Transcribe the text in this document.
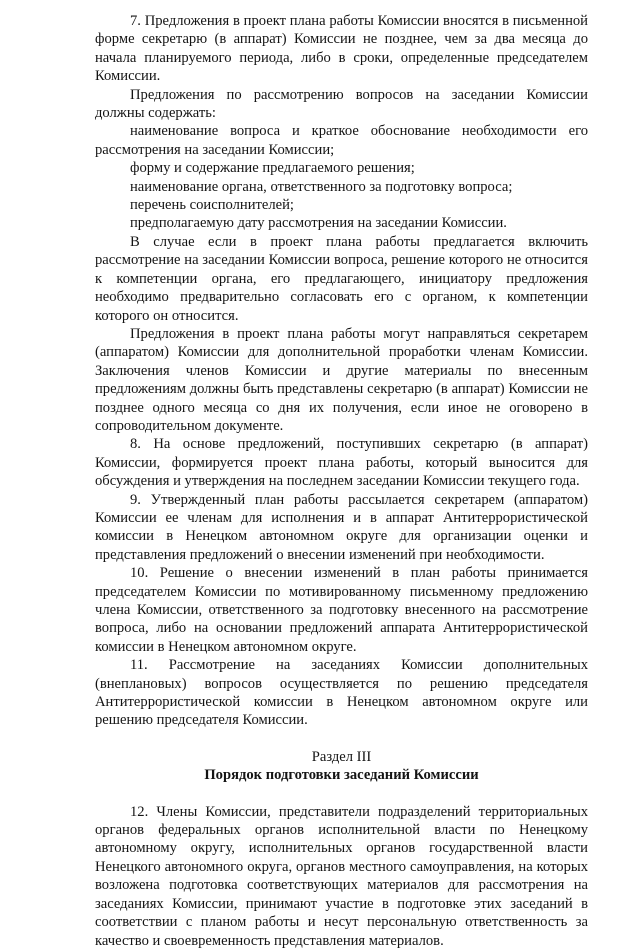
7. Предложения в проект плана работы Комиссии вносятся в письменной форме секретарю (в аппарат) Комиссии не позднее, чем за два месяца до начала планируемого периода, либо в сроки, определенные председателем Комиссии.

Предложения по рассмотрению вопросов на заседании Комиссии должны содержать:

наименование вопроса и краткое обоснование необходимости его рассмотрения на заседании Комиссии;

форму и содержание предлагаемого решения;

наименование органа, ответственного за подготовку вопроса;

перечень соисполнителей;

предполагаемую дату рассмотрения на заседании Комиссии.

В случае если в проект плана работы предлагается включить рассмотрение на заседании Комиссии вопроса, решение которого не относится к компетенции органа, его предлагающего, инициатору предложения необходимо предварительно согласовать его с органом, к компетенции которого он относится.

Предложения в проект плана работы могут направляться секретарем (аппаратом) Комиссии для дополнительной проработки членам Комиссии. Заключения членов Комиссии и другие материалы по внесенным предложениям должны быть представлены секретарю (в аппарат) Комиссии не позднее одного месяца со дня их получения, если иное не оговорено в сопроводительном документе.

8. На основе предложений, поступивших секретарю (в аппарат) Комиссии, формируется проект плана работы, который выносится для обсуждения и утверждения на последнем заседании Комиссии текущего года.

9. Утвержденный план работы рассылается секретарем (аппаратом) Комиссии ее членам для исполнения и в аппарат Антитеррористической комиссии в Ненецком автономном округе для организации оценки и представления предложений о внесении изменений при необходимости.

10. Решение о внесении изменений в план работы принимается председателем Комиссии по мотивированному письменному предложению члена Комиссии, ответственного за подготовку внесенного на рассмотрение вопроса, либо на основании предложений аппарата Антитеррористической комиссии в Ненецком автономном округе.

11. Рассмотрение на заседаниях Комиссии дополнительных (внеплановых) вопросов осуществляется по решению председателя Антитеррористической комиссии в Ненецком автономном округе или решению председателя Комиссии.

Раздел III

Порядок подготовки заседаний Комиссии

12. Члены Комиссии, представители подразделений территориальных органов федеральных органов исполнительной власти по Ненецкому автономному округу, исполнительных органов государственной власти Ненецкого автономного округа, органов местного самоуправления, на которых возложена подготовка соответствующих материалов для рассмотрения на заседаниях Комиссии, принимают участие в подготовке этих заседаний в соответствии с планом работы и несут персональную ответственность за качество и своевременность представления материалов.
